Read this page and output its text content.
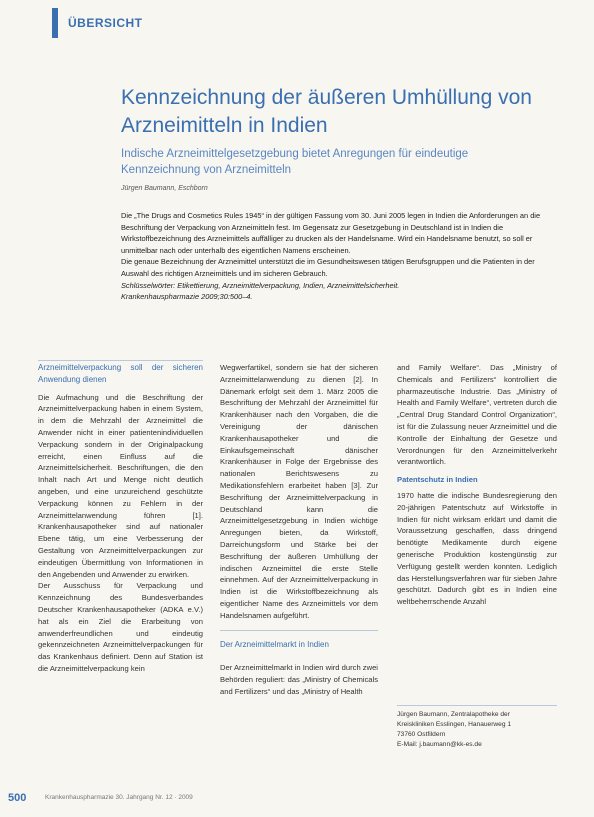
ÜBERSICHT
Kennzeichnung der äußeren Umhüllung von Arzneimitteln in Indien
Indische Arzneimittelgesetzgebung bietet Anregungen für eindeutige Kennzeichnung von Arzneimitteln
Jürgen Baumann, Eschborn

Die „The Drugs and Cosmetics Rules 1945“ in der gültigen Fassung vom 30. Juni 2005 legen in Indien die Anforderungen an die Beschriftung der Verpackung von Arzneimitteln fest. Im Gegensatz zur Gesetzgebung in Deutschland ist in Indien die Wirkstoffbezeichnung des Arzneimittels auffälliger zu drucken als der Handelsname. Wird ein Handelsname benutzt, so soll er unmittelbar nach oder unterhalb des eigentlichen Namens erscheinen.

Die genaue Bezeichnung der Arzneimittel unterstützt die im Gesundheitswesen tätigen Berufsgruppen und die Patienten in der Auswahl des richtigen Arzneimittels und im sicheren Gebrauch.

Schlüsselwörter: Etikettierung, Arzneimittelverpackung, Indien, Arzneimittelsicherheit.

Krankenhauspharmazie 2009;30:500–4.

Arzneimittelverpackung soll der sicheren Anwendung dienen

Die Aufmachung und die Beschriftung der Arzneimittelverpackung haben in einem System, in dem die Mehrzahl der Arzneimittel die Anwender nicht in einer patientenindividuellen Verpackung sondern in der Originalpackung erreicht, einen Einfluss auf die Arzneimittelsicherheit. Beschriftungen, die den Inhalt nach Art und Menge nicht deutlich angeben, und eine unzureichend geschützte Verpackung können zu Fehlern in der Arzneimittelanwendung führen [1]. Krankenhausapotheker sind auf nationaler Ebene tätig, um eine Verbesserung der Gestaltung von Arzneimittelverpackungen zur eindeutigen Übermittlung von Informationen in den Angebenden und Anwender zu erwirken.

Der Ausschuss für Verpackung und Kennzeichnung des Bundesverbandes Deutscher Krankenhausapotheker (ADKA e.V.) hat als ein Ziel die Erarbeitung von anwenderfreundlichen und eindeutig gekennzeichneten Arzneimittelverpackungen für das Krankenhaus definiert. Denn auf Station ist die Arzneimittelverpackung kein

Wegwerfartikel, sondern sie hat der sicheren Arzneimittelanwendung zu dienen [2]. In Dänemark erfolgt seit dem 1. März 2005 die Beschriftung der Mehrzahl der Arzneimittel für Krankenhäuser nach den Vorgaben, die die Vereinigung der dänischen Krankenhausapotheker und die Einkaufsgemeinschaft dänischer Krankenhäuser in Folge der Ergebnisse des nationalen Berichtswesens zu Medikationsfehlern erarbeitet haben [3]. Zur Beschriftung der Arzneimittelverpackung in Deutschland kann die Arzneimittelgesetzgebung in Indien wichtige Anregungen bieten, da Wirkstoff, Darreichungsform und Stärke bei der Beschriftung der äußeren Umhüllung der indischen Arzneimittel die erste Stelle einnehmen. Auf der Arzneimittelverpackung in Indien ist die Wirkstoffbezeichnung als eigentlicher Name des Arzneimittels vor dem Handelsnamen aufgeführt.

Der Arzneimittelmarkt in Indien

Der Arzneimittelmarkt in Indien wird durch zwei Behörden reguliert: das „Ministry of Chemicals and Fertilizers“ und das „Ministry of Health

and Family Welfare“. Das „Ministry of Chemicals and Fertilizers“ kontrolliert die pharmazeutische Industrie. Das „Ministry of Health and Family Welfare“, vertreten durch die „Central Drug Standard Control Organization“, ist für die Zulassung neuer Arzneimittel und die Kontrolle der Einhaltung der Gesetze und Verordnungen für den Arzneimittelverkehr verantwortlich.

Patentschutz in Indien

1970 hatte die indische Bundesregierung den 20-jährigen Patentschutz auf Wirkstoffe in Indien für nicht wirksam erklärt und damit die Voraussetzung geschaffen, dass dringend benötigte Medikamente durch eigene generische Produktion kostengünstig zur Verfügung gestellt werden konnten. Lediglich das Herstellungsverfahren war für sieben Jahre geschützt. Dadurch gibt es in Indien eine weltbeherrschende Anzahl

Jürgen Baumann, Zentralapotheke der
Kreiskliniken Esslingen, Hanauerweg 1
73760 Ostfildern
E-Mail: j.baumann@kk-es.de
500	Krankenhauspharmazie 30. Jahrgang Nr. 12 · 2009
